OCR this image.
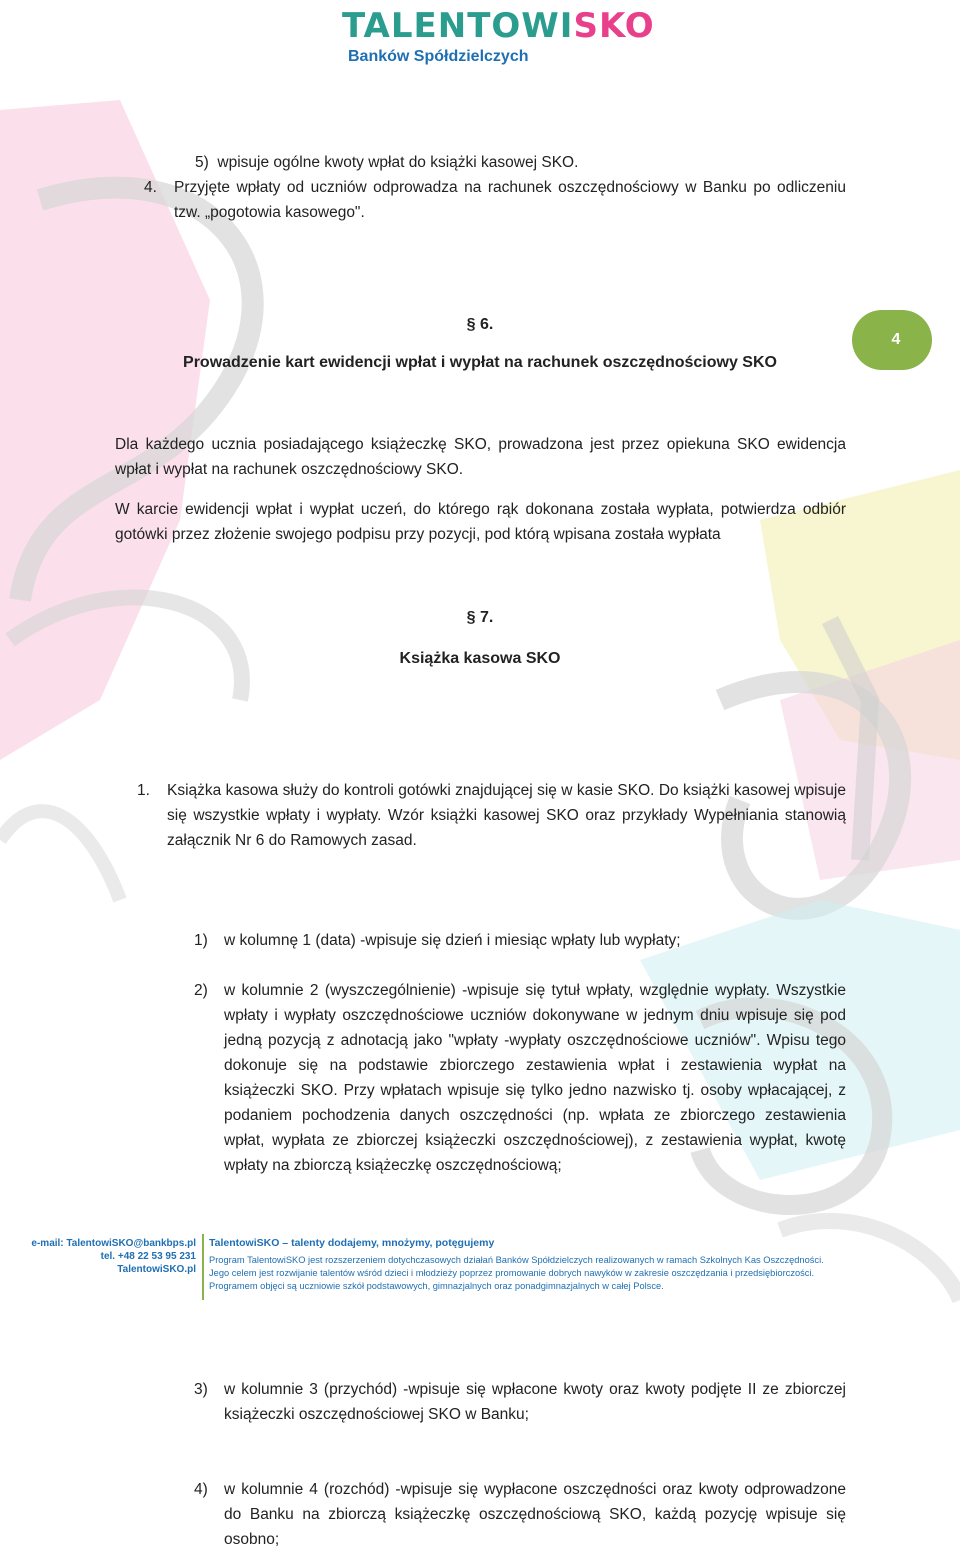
TALENTOWISKO
Banków Spółdzielczych
4
5) wpisuje ogólne kwoty wpłat do książki kasowej SKO.
4. Przyjęte wpłaty od uczniów odprowadza na rachunek oszczędnościowy w Banku po odliczeniu tzw. „pogotowia kasowego".
§ 6.
Prowadzenie kart ewidencji wpłat i wypłat na rachunek oszczędnościowy SKO
Dla każdego ucznia posiadającego książeczkę SKO, prowadzona jest przez opiekuna SKO ewidencja wpłat i wypłat na rachunek oszczędnościowy SKO.
W karcie ewidencji wpłat i wypłat uczeń, do którego rąk dokonana została wypłata, potwierdza odbiór gotówki przez złożenie swojego podpisu przy pozycji, pod którą wpisana została wypłata
§ 7.
Książka kasowa SKO
1. Książka kasowa służy do kontroli gotówki znajdującej się w kasie SKO. Do książki kasowej wpisuje się wszystkie wpłaty i wypłaty. Wzór książki kasowej SKO oraz przykłady Wypełniania stanowią załącznik Nr 6 do Ramowych zasad.
1) w kolumnę 1 (data) -wpisuje się dzień i miesiąc wpłaty lub wypłaty;
2) w kolumnie 2 (wyszczególnienie) -wpisuje się tytuł wpłaty, względnie wypłaty. Wszystkie wpłaty i wypłaty oszczędnościowe uczniów dokonywane w jednym dniu wpisuje się pod jedną pozycją z adnotacją jako "wpłaty -wypłaty oszczędnościowe uczniów". Wpisu tego dokonuje się na podstawie zbiorczego zestawienia wpłat i zestawienia wypłat na książeczki SKO. Przy wpłatach wpisuje się tylko jedno nazwisko tj. osoby wpłacającej, z podaniem pochodzenia danych oszczędności (np. wpłata ze zbiorczego zestawienia wpłat, wypłata ze zbiorczej książeczki oszczędnościowej), z zestawienia wypłat, kwotę wpłaty na zbiorczą książeczkę oszczędnościową;
3) w kolumnie 3 (przychód) -wpisuje się wpłacone kwoty oraz kwoty podjęte II ze zbiorczej książeczki oszczędnościowej SKO w Banku;
4) w kolumnie 4 (rozchód) -wpisuje się wypłacone oszczędności oraz kwoty odprowadzone do Banku na zbiorczą książeczkę oszczędnościową SKO, każdą pozycję wpisuje się osobno;
e-mail: TalentowiSKO@bankbps.pl
tel. +48 22 53 95 231
TalentowiSKO.pl
TalentowiSKO – talenty dodajemy, mnożymy, potęgujemy
Program TalentowiSKO jest rozszerzeniem dotychczasowych działań Banków Spółdzielczych realizowanych w ramach Szkolnych Kas Oszczędności.
Jego celem jest rozwijanie talentów wśród dzieci i młodzieży poprzez promowanie dobrych nawyków w zakresie oszczędzania i przedsiębiorczości.
Programem objęci są uczniowie szkół podstawowych, gimnazjalnych oraz ponadgimnazjalnych w całej Polsce.
